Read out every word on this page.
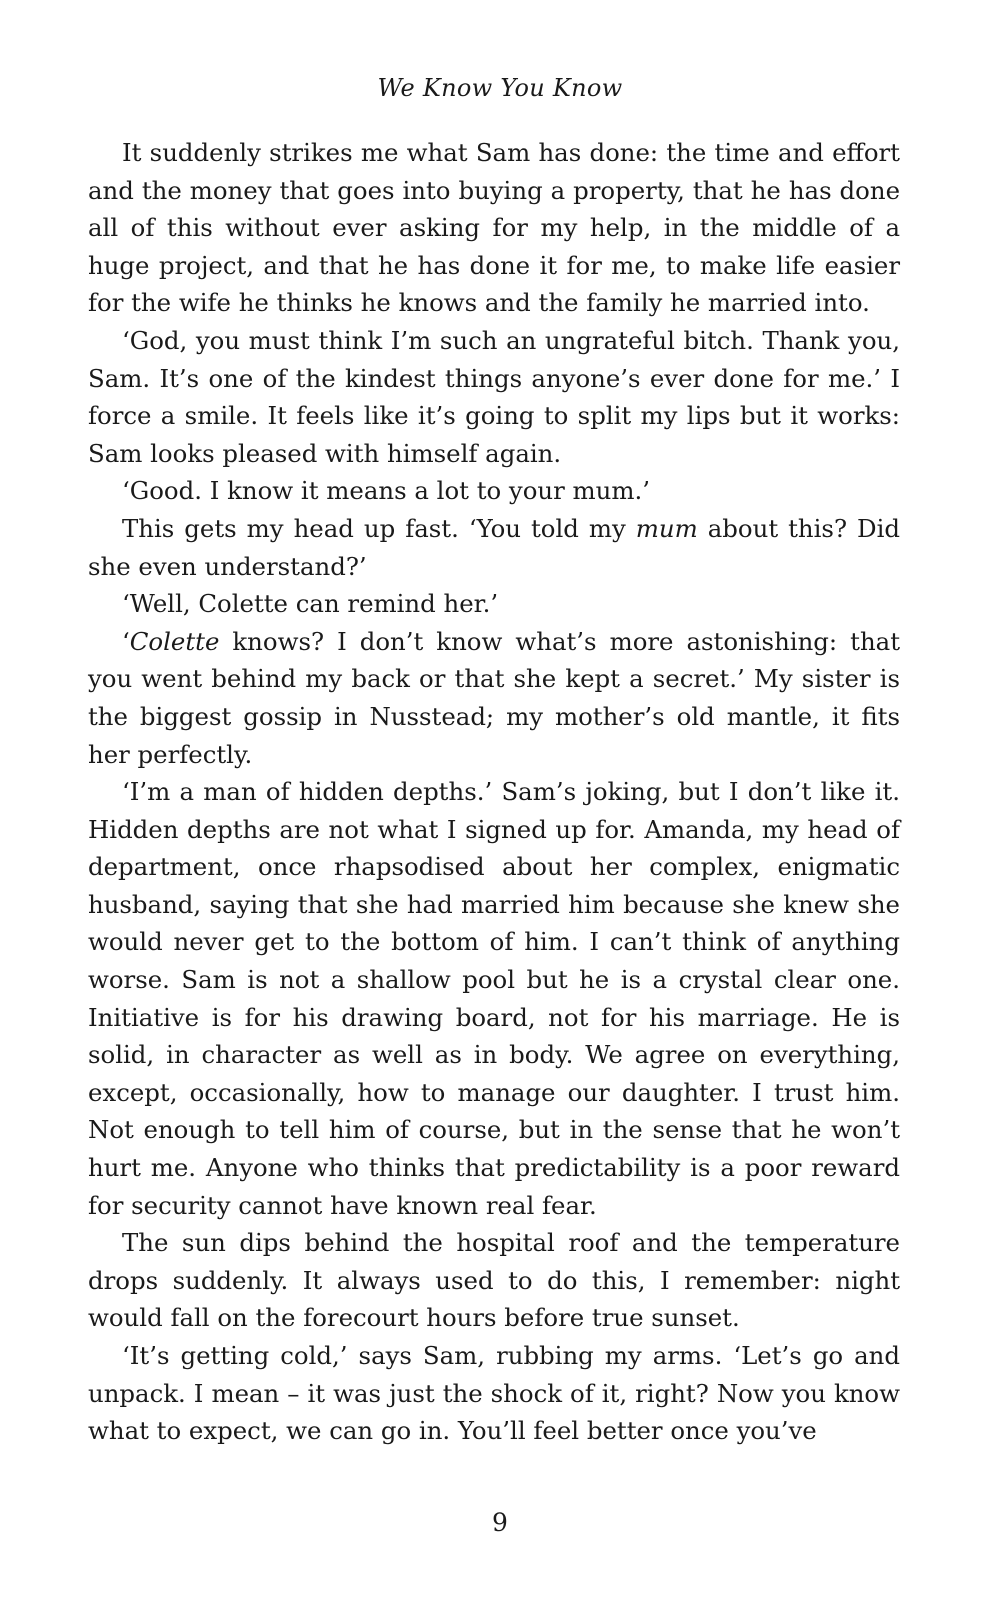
We Know You Know

It suddenly strikes me what Sam has done: the time and effort and the money that goes into buying a property, that he has done all of this without ever asking for my help, in the middle of a huge project, and that he has done it for me, to make life easier for the wife he thinks he knows and the family he married into.

‘God, you must think I’m such an ungrateful bitch. Thank you, Sam. It’s one of the kindest things anyone’s ever done for me.’ I force a smile. It feels like it’s going to split my lips but it works: Sam looks pleased with himself again.

‘Good. I know it means a lot to your mum.’

This gets my head up fast. ‘You told my mum about this? Did she even understand?’

‘Well, Colette can remind her.’

‘Colette knows? I don’t know what’s more astonishing: that you went behind my back or that she kept a secret.’ My sister is the biggest gossip in Nusstead; my mother’s old mantle, it fits her perfectly.

‘I’m a man of hidden depths.’ Sam’s joking, but I don’t like it. Hidden depths are not what I signed up for. Amanda, my head of department, once rhapsodised about her complex, enigmatic husband, saying that she had married him because she knew she would never get to the bottom of him. I can’t think of anything worse. Sam is not a shallow pool but he is a crystal clear one. Initiative is for his drawing board, not for his marriage. He is solid, in character as well as in body. We agree on everything, except, occasionally, how to manage our daughter. I trust him. Not enough to tell him of course, but in the sense that he won’t hurt me. Anyone who thinks that predictability is a poor reward for security cannot have known real fear.

The sun dips behind the hospital roof and the temperature drops suddenly. It always used to do this, I remember: night would fall on the forecourt hours before true sunset.

‘It’s getting cold,’ says Sam, rubbing my arms. ‘Let’s go and unpack. I mean – it was just the shock of it, right? Now you know what to expect, we can go in. You’ll feel better once you’ve

9
